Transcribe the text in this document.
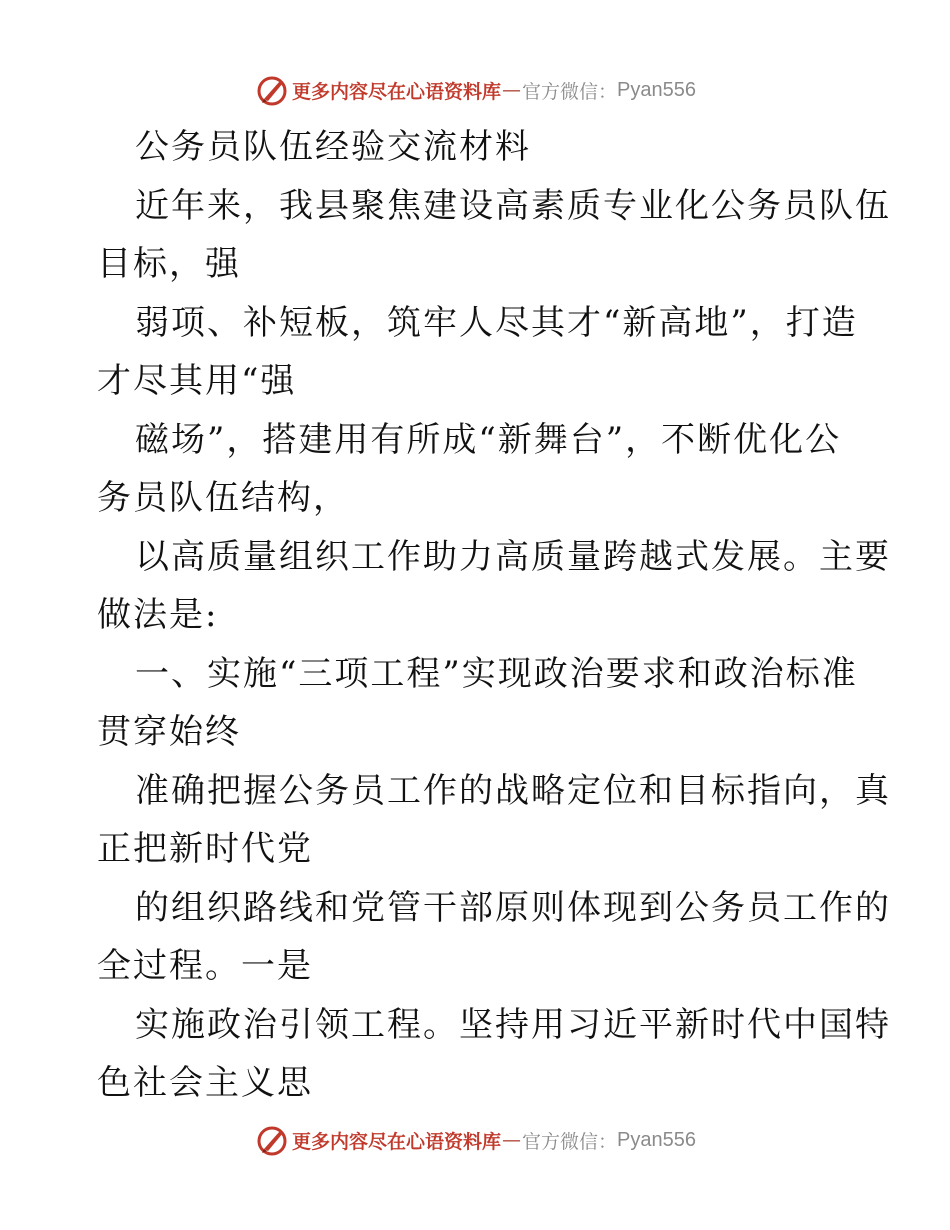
更多内容尽在心语资料库 — 官方微信： Pyan556
公务员队伍经验交流材料
近年来，我县聚焦建设高素质专业化公务员队伍
目标，强
弱项、补短板，筑牢人尽其才“新高地”，打造
才尽其用“强
磁场”，搭建用有所成“新舞台”，不断优化公
务员队伍结构，
以高质量组织工作助力高质量跨越式发展。主要
做法是:
一、实施“三项工程”实现政治要求和政治标准
贯穿始终
准确把握公务员工作的战略定位和目标指向，真
正把新时代党
的组织路线和党管干部原则体现到公务员工作的
全过程。一是
实施政治引领工程。坚持用习近平新时代中国特
色社会主义思
更多内容尽在心语资料库 — 官方微信： Pyan556
